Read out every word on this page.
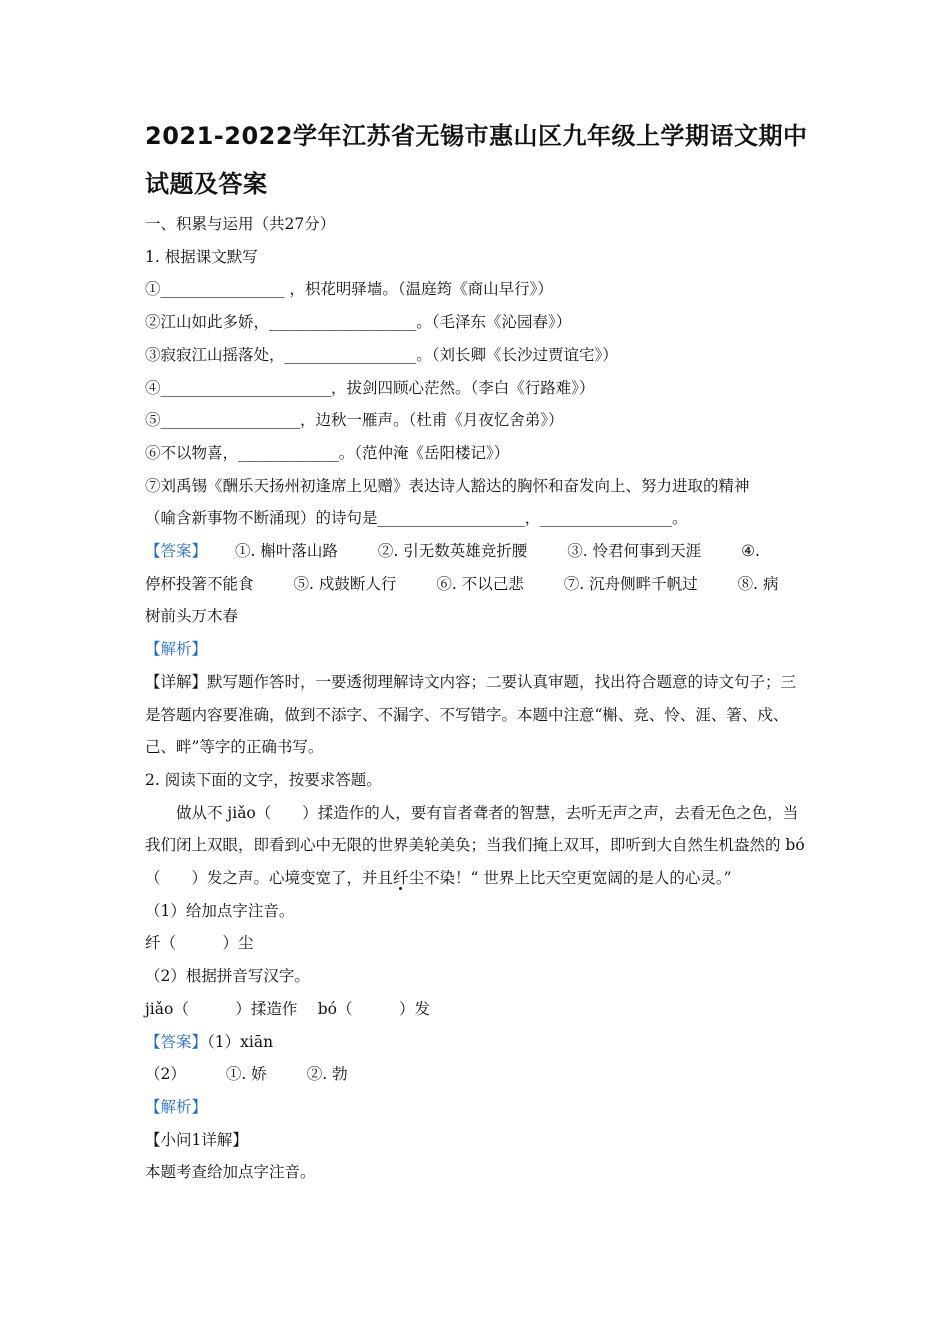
2021-2022学年江苏省无锡市惠山区九年级上学期语文期中试题及答案
一、积累与运用（共27分）
1. 根据课文默写
①________________ ，枳花明驿墙。（温庭筠《商山早行》）
②江山如此多娇，___________________。（毛泽东《沁园春》）
③寂寂江山摇落处，_________________。（刘长卿《长沙过贾谊宅》）
④______________________，拔剑四顾心茫然。（李白《行路难》）
⑤__________________，边秋一雁声。（杜甫《月夜忆舍弟》）
⑥不以物喜，_____________。（范仲淹《岳阳楼记》）
⑦刘禹锡《酬乐天扬州初逢席上见赠》表达诗人豁达的胸怀和奋发向上、努力进取的精神
（喻含新事物不断涌现）的诗句是___________________，_________________。
【答案】 ①. 槲叶落山路	②. 引无数英雄竞折腰	③. 怜君何事到天涯	④.
停杯投箸不能食	⑤. 戍鼓断人行	⑥. 不以己悲	⑦. 沉舟侧畔千帆过	⑧. 病
树前头万木春
【解析】
【详解】默写题作答时，一要透彻理解诗文内容；二要认真审题，找出符合题意的诗文句子；三是答题内容要准确，做到不添字、不漏字、不写错字。本题中注意“槲、竞、怜、涯、箸、戍、己、畔”等字的正确书写。
2. 阅读下面的文字，按要求答题。
做从不 jiǎo（　　）揉造作的人，要有盲者聋者的智慧，去听无声之声，去看无色之色，当我们闭上双眼，即看到心中无限的世界美轮美奂；当我们掩上双耳，即听到大自然生机盎然的 bó（　　）发之声。心境变宽了，并且纤尘不染！“ 世界上比天空更宽阔的是人的心灵。”
（1）给加点字注音。
纤（　　　）尘
（2）根据拼音写汉字。
jiǎo（　　　）揉造作　 bó（　　　）发
【答案】（1）xiān
（2）	①. 娇	②. 勃
【解析】
【小问1详解】
本题考查给加点字注音。
